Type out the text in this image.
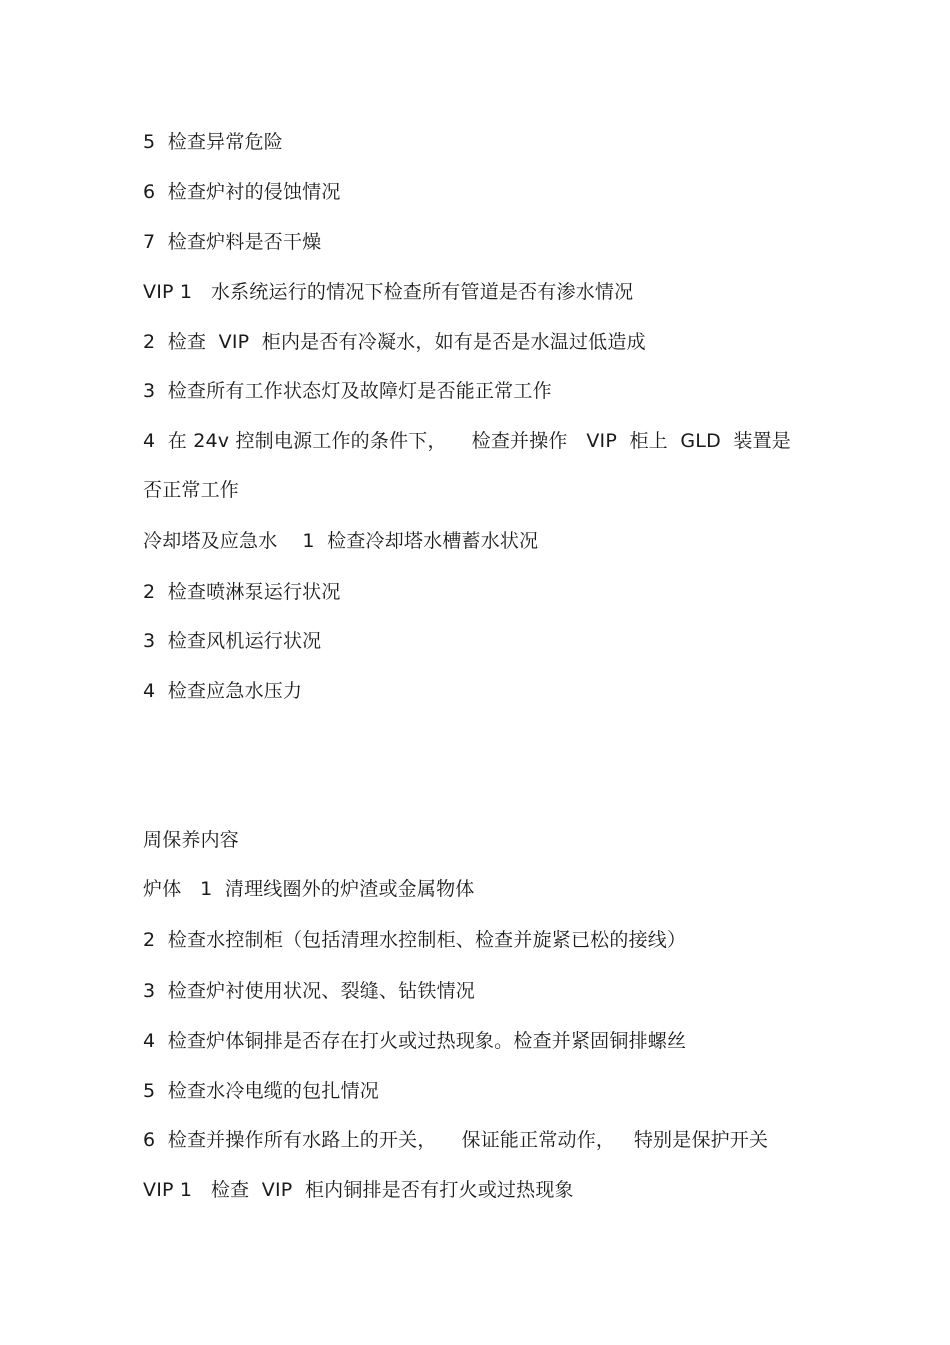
5  检查异常危险
6  检查炉衬的侵蚀情况
7  检查炉料是否干燥
VIP 1   水系统运行的情况下检查所有管道是否有渗水情况
2  检查  VIP  柜内是否有冷凝水，如有是否是水温过低造成
3  检查所有工作状态灯及故障灯是否能正常工作
4  在 24v 控制电源工作的条件下，    检查并操作   VIP  柜上  GLD  装置是
否正常工作
冷却塔及应急水    1  检查冷却塔水槽蓄水状况
2  检查喷淋泵运行状况
3  检查风机运行状况
4  检查应急水压力
周保养内容
炉体   1  清理线圈外的炉渣或金属物体
2  检查水控制柜（包括清理水控制柜、检查并旋紧已松的接线）
3  检查炉衬使用状况、裂缝、钻铁情况
4  检查炉体铜排是否存在打火或过热现象。检查并紧固铜排螺丝
5  检查水冷电缆的包扎情况
6  检查并操作所有水路上的开关，    保证能正常动作，   特别是保护开关
VIP 1   检查  VIP  柜内铜排是否有打火或过热现象
